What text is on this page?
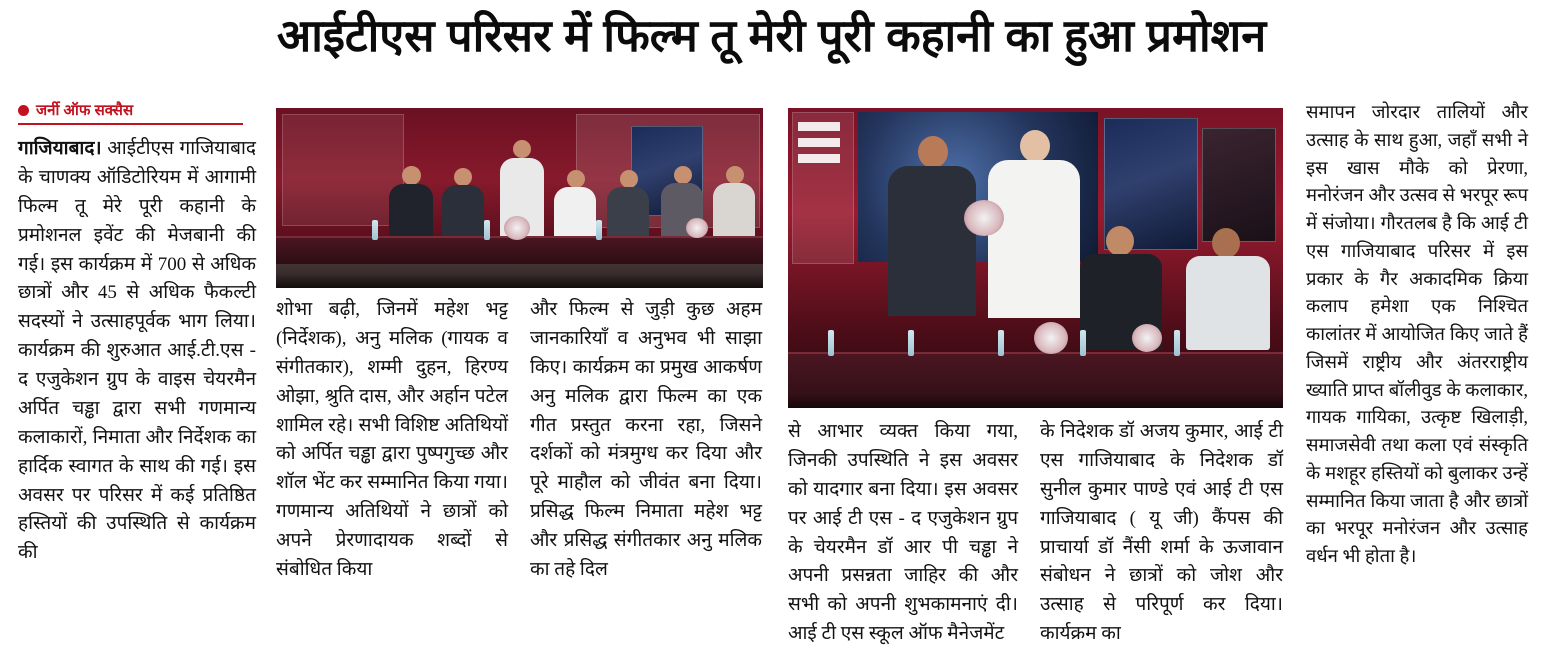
आईटीएस परिसर में फिल्म तू मेरी पूरी कहानी का हुआ प्रमोशन
जर्नी ऑफ सक्सैस

गाजियाबाद। आईटीएस गाजियाबाद के चाणक्य ऑडिटोरियम में आगामी फिल्म तू मेरे पूरी कहानी के प्रमोशनल इवेंट की मेजबानी की गई। इस कार्यक्रम में 700 से अधिक छात्रों और 45 से अधिक फैकल्टी सदस्यों ने उत्साहपूर्वक भाग लिया। कार्यक्रम की शुरुआत आई.टी.एस - द एजुकेशन ग्रुप के वाइस चेयरमैन अर्पित चड्ढा द्वारा सभी गणमान्य कलाकारों, निमाता और निर्देशक का हार्दिक स्वागत के साथ की गई। इस अवसर पर परिसर में कई प्रतिष्ठित हस्तियों की उपस्थिति से कार्यक्रम की

शोभा बढ़ी, जिनमें महेश भट्ट (निर्देशक), अनु मलिक (गायक व संगीतकार), शम्मी दुहन, हिरण्य ओझा, श्रुति दास, और अर्हान पटेल शामिल रहे। सभी विशिष्ट अतिथियों को अर्पित चड्ढा द्वारा पुष्पगुच्छ और शॉल भेंट कर सम्मानित किया गया। गणमान्य अतिथियों ने छात्रों को अपने प्रेरणादायक शब्दों से संबोधित किया

और फिल्म से जुड़ी कुछ अहम जानकारियाँ व अनुभव भी साझा किए। कार्यक्रम का प्रमुख आकर्षण अनु मलिक द्वारा फिल्म का एक गीत प्रस्तुत करना रहा, जिसने दर्शकों को मंत्रमुग्ध कर दिया और पूरे माहौल को जीवंत बना दिया। प्रसिद्ध फिल्म निमाता महेश भट्ट और प्रसिद्ध संगीतकार अनु मलिक का तहे दिल

से आभार व्यक्त किया गया, जिनकी उपस्थिति ने इस अवसर को यादगार बना दिया। इस अवसर पर आई टी एस - द एजुकेशन ग्रुप के चेयरमैन डॉ आर पी चड्ढा ने अपनी प्रसन्नता जाहिर की और सभी को अपनी शुभकामनाएं दी। आई टी एस स्कूल ऑफ मैनेजमेंट

के निदेशक डॉ अजय कुमार, आई टी एस गाजियाबाद के निदेशक डॉ सुनील कुमार पाण्डे एवं आई टी एस गाजियाबाद ( यू जी) कैंपस की प्राचार्या डॉ नैंसी शर्मा के ऊजावान संबोधन ने छात्रों को जोश और उत्साह से परिपूर्ण कर दिया। कार्यक्रम का

समापन जोरदार तालियों और उत्साह के साथ हुआ, जहाँ सभी ने इस खास मौके को प्रेरणा, मनोरंजन और उत्सव से भरपूर रूप में संजोया। गौरतलब है कि आई टी एस गाजियाबाद परिसर में इस प्रकार के गैर अकादमिक क्रिया कलाप हमेशा एक निश्चित कालांतर में आयोजित किए जाते हैं जिसमें राष्ट्रीय और अंतरराष्ट्रीय ख्याति प्राप्त बॉलीवुड के कलाकार, गायक गायिका, उत्कृष्ट खिलाड़ी, समाजसेवी तथा कला एवं संस्कृति के मशहूर हस्तियों को बुलाकर उन्हें सम्मानित किया जाता है और छात्रों का भरपूर मनोरंजन और उत्साह वर्धन भी होता है।
